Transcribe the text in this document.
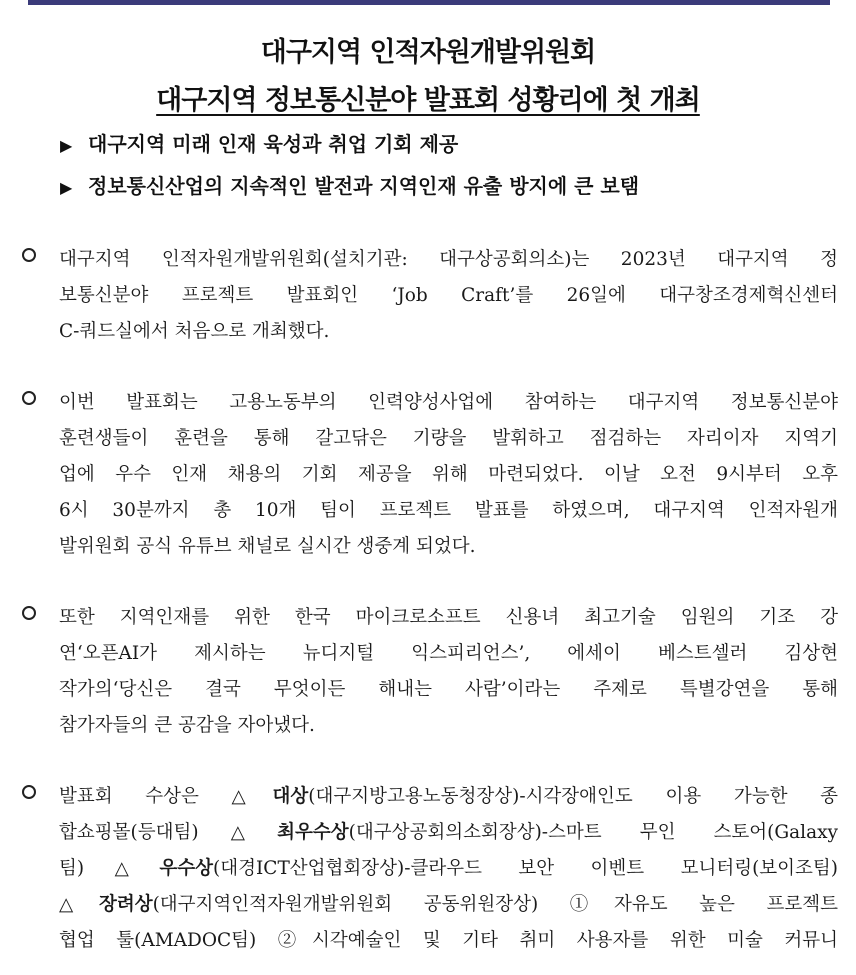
대구지역 인적자원개발위원회
대구지역 정보통신분야 발표회 성황리에 첫 개최
▶ 대구지역 미래 인재 육성과 취업 기회 제공
▶ 정보통신산업의 지속적인 발전과 지역인재 유출 방지에 큰 보탬
대구지역 인적자원개발위원회(설치기관: 대구상공회의소)는 2023년 대구지역 정
보통신분야 프로젝트 발표회인 ‘Job Craft’를 26일에 대구창조경제혁신센터
C-쿼드실에서 처음으로 개최했다.
이번 발표회는 고용노동부의 인력양성사업에 참여하는 대구지역 정보통신분야
훈련생들이 훈련을 통해 갈고닦은 기량을 발휘하고 점검하는 자리이자 지역기
업에 우수 인재 채용의 기회 제공을 위해 마련되었다. 이날 오전 9시부터 오후
6시 30분까지 총 10개 팀이 프로젝트 발표를 하였으며, 대구지역 인적자원개
발위원회 공식 유튜브 채널로 실시간 생중계 되었다.
또한 지역인재를 위한 한국 마이크로소프트 신용녀 최고기술 임원의 기조 강
연‘오픈AI가 제시하는 뉴디지털 익스피리언스’, 에세이 베스트셀러 김상현
작가의‘당신은 결국 무엇이든 해내는 사람’이라는 주제로 특별강연을 통해
참가자들의 큰 공감을 자아냈다.
발표회 수상은 △대상(대구지방고용노동청장상)-시각장애인도 이용 가능한 종
합쇼핑몰(등대팀)△최우수상(대구상공회의소회장상)-스마트 무인 스토어(Galaxy
팀)△우수상(대경ICT산업협회장상)-클라우드 보안 이벤트 모니터링(보이조팀)
△장려상(대구지역인적자원개발위원회 공동위원장상) ①자유도 높은 프로젝트
협업 툴(AMADOC팀) ②시각예술인 및 기타 취미 사용자를 위한 미술 커뮤니
